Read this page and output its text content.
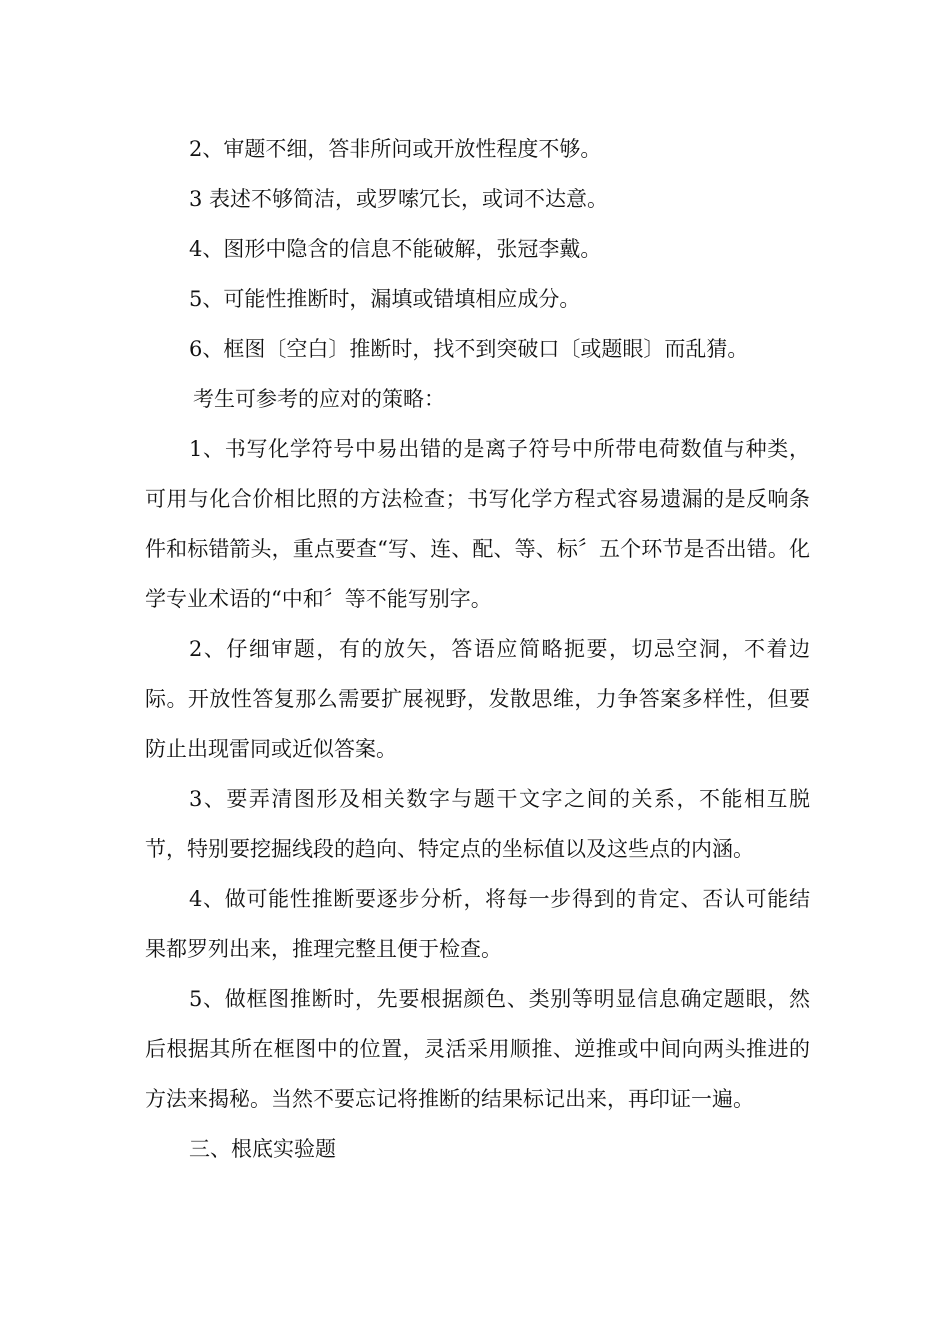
2、审题不细，答非所问或开放性程度不够。

3 表述不够简洁，或罗嗦冗长，或词不达意。

4、图形中隐含的信息不能破解，张冠李戴。

5、可能性推断时，漏填或错填相应成分。

6、框图〔空白〕推断时，找不到突破口〔或题眼〕而乱猜。

考生可参考的应对的策略：

1、书写化学符号中易出错的是离子符号中所带电荷数值与种类，可用与化合价相比照的方法检查；书写化学方程式容易遗漏的是反响条件和标错箭头，重点要查“写、连、配、等、标〞五个环节是否出错。化学专业术语的“中和〞等不能写别字。

2、仔细审题，有的放矢，答语应简略扼要，切忌空洞，不着边际。开放性答复那么需要扩展视野，发散思维，力争答案多样性，但要防止出现雷同或近似答案。

3、要弄清图形及相关数字与题干文字之间的关系，不能相互脱节，特别要挖掘线段的趋向、特定点的坐标值以及这些点的内涵。

4、做可能性推断要逐步分析，将每一步得到的肯定、否认可能结果都罗列出来，推理完整且便于检查。

5、做框图推断时，先要根据颜色、类别等明显信息确定题眼，然后根据其所在框图中的位置，灵活采用顺推、逆推或中间向两头推进的方法来揭秘。当然不要忘记将推断的结果标记出来，再印证一遍。

三、根底实验题
